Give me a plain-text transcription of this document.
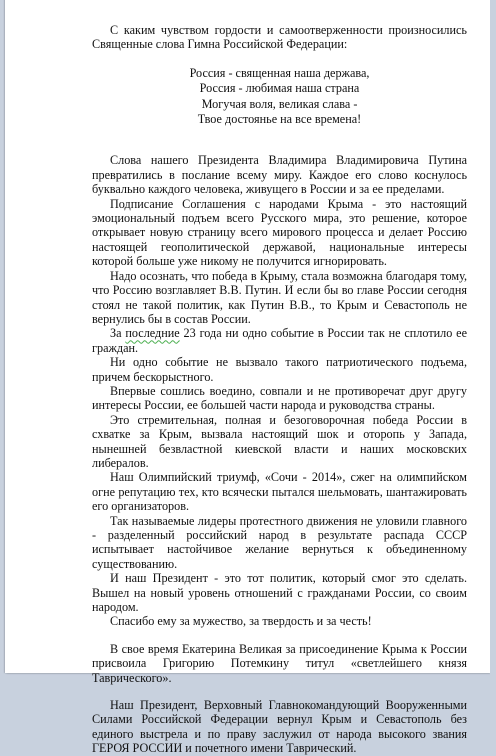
С каким чувством гордости и самоотверженности произносились Священные слова Гимна Российской Федерации:

Россия - священная наша держава,
Россия - любимая наша страна
Могучая воля, великая слава -
Твое достоянье на все времена!

Слова нашего Президента Владимира Владимировича Путина превратились в послание всему миру. Каждое его слово коснулось буквально каждого человека, живущего в России и за ее пределами.

Подписание Соглашения с народами Крыма - это настоящий эмоциональный подъем всего Русского мира, это решение, которое открывает новую страницу всего мирового процесса и делает Россию настоящей геополитической державой, национальные интересы которой больше уже никому не получится игнорировать.

Надо осознать, что победа в Крыму, стала возможна благодаря тому, что Россию возглавляет В.В. Путин. И если бы во главе России сегодня стоял не такой политик, как Путин В.В., то Крым и Севастополь не вернулись бы в состав России.

За последние 23 года ни одно событие в России так не сплотило ее граждан.

Ни одно событие не вызвало такого патриотического подъема, причем бескорыстного.

Впервые сошлись воедино, совпали и не противоречат друг другу интересы России, ее большей части народа и руководства страны.

Это стремительная, полная и безоговорочная победа России в схватке за Крым, вызвала настоящий шок и оторопь у Запада, нынешней безвластной киевской власти и наших московских либералов.

Наш Олимпийский триумф, «Сочи - 2014», сжег на олимпийском огне репутацию тех, кто всячески пытался шельмовать, шантажировать его организаторов.

Так называемые лидеры протестного движения не уловили главного - разделенный российский народ в результате распада СССР испытывает настойчивое желание вернуться к объединенному существованию.

И наш Президент - это тот политик, который смог это сделать. Вышел на новый уровень отношений с гражданами России, со своим народом.

Спасибо ему за мужество, за твердость и за честь!

В свое время Екатерина Великая за присоединение Крыма к России присвоила Григорию Потемкину титул «светлейшего князя Таврического».

Наш Президент, Верховный Главнокомандующий Вооруженными Силами Российской Федерации вернул Крым и Севастополь без единого выстрела и по праву заслужил от народа высокого звания ГЕРОЯ РОССИИ и почетного имени Таврический.
